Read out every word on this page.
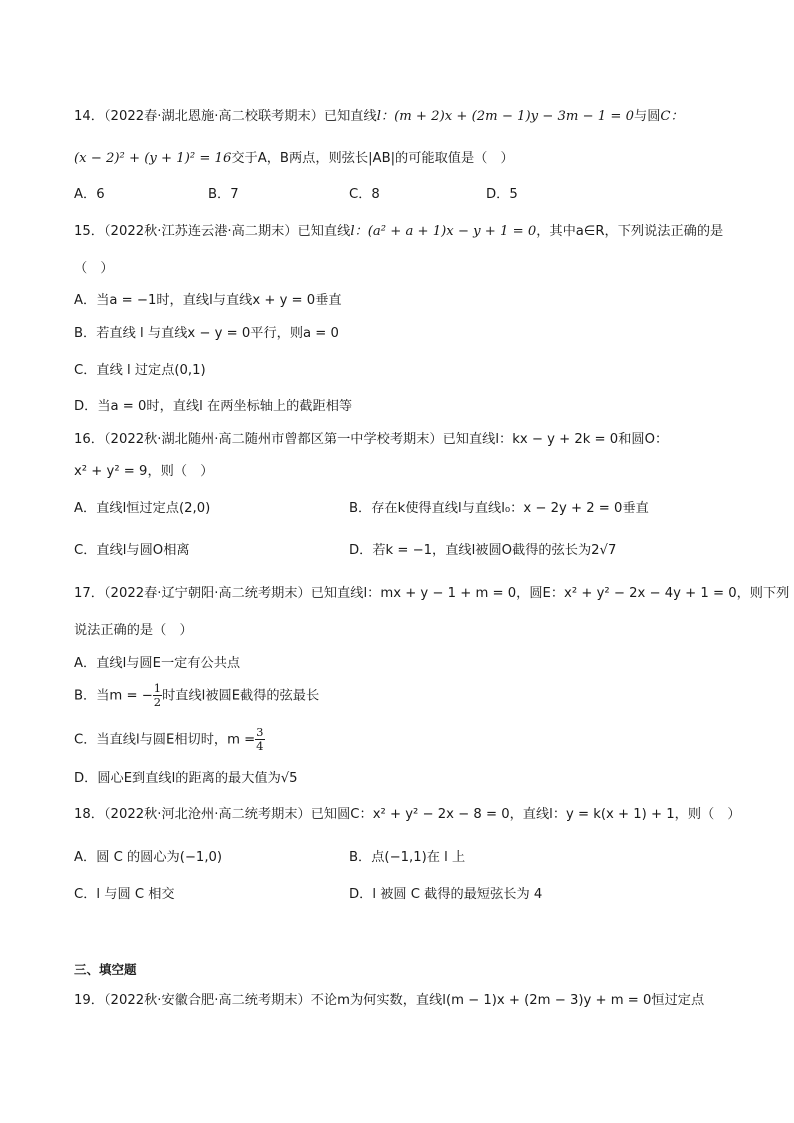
14．（2022春·湖北恩施·高二校联考期末）已知直线l：(m + 2)x + (2m − 1)y − 3m − 1 = 0与圆C：
(x − 2)² + (y + 1)² = 16交于A，B两点，则弦长|AB|的可能取值是（　）
A．6	B．7	C．8	D．5
15．（2022秋·江苏连云港·高二期末）已知直线l：(a² + a + 1)x − y + 1 = 0，其中a∈R，下列说法正确的是
（　）
A．当a = −1时，直线l与直线x + y = 0垂直
B．若直线 l 与直线x − y = 0平行，则a = 0
C．直线 l 过定点(0,1)
D．当a = 0时，直线l 在两坐标轴上的截距相等
16．（2022秋·湖北随州·高二随州市曾都区第一中学校考期末）已知直线l：kx − y + 2k = 0和圆O：
x² + y² = 9，则（　）
A．直线l恒过定点(2,0)	B．存在k使得直线l与直线l₀：x − 2y + 2 = 0垂直
C．直线l与圆O相离	D．若k = −1，直线l被圆O截得的弦长为2√7
17．（2022春·辽宁朝阳·高二统考期末）已知直线l：mx + y − 1 + m = 0，圆E：x² + y² − 2x − 4y + 1 = 0，则下列
说法正确的是（　）
A．直线l与圆E一定有公共点
B．当m = − $\frac{1}{2}$ 时直线l被圆E截得的弦最长
C．当直线l与圆E相切时，$m = \frac{3}{4}$
D．圆心E到直线l的距离的最大值为√5
18．（2022秋·河北沧州·高二统考期末）已知圆C：x² + y² − 2x − 8 = 0，直线l：y = k(x + 1) + 1，则（　）
A．圆 C 的圆心为(−1,0)	B．点(−1,1)在 l 上
C．l 与圆 C 相交	D．l 被圆 C 截得的最短弦长为 4
三、填空题
19．（2022秋·安徽合肥·高二统考期末）不论m为何实数，直线l(m − 1)x + (2m − 3)y + m = 0恒过定点
